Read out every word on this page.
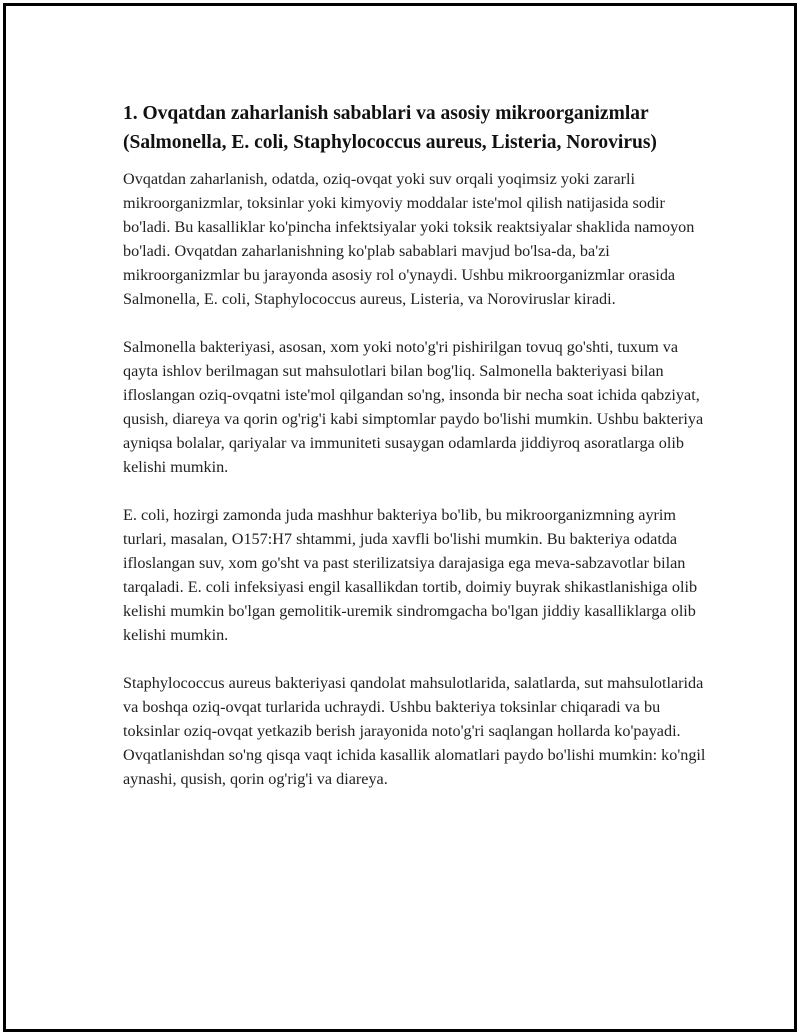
1. Ovqatdan zaharlanish sabablari va asosiy mikroorganizmlar (Salmonella, E. coli, Staphylococcus aureus, Listeria, Norovirus)

Ovqatdan zaharlanish, odatda, oziq-ovqat yoki suv orqali yoqimsiz yoki zararli mikroorganizmlar, toksinlar yoki kimyoviy moddalar iste'mol qilish natijasida sodir bo'ladi. Bu kasalliklar ko'pincha infektsiyalar yoki toksik reaktsiyalar shaklida namoyon bo'ladi. Ovqatdan zaharlanishning ko'plab sabablari mavjud bo'lsa-da, ba'zi mikroorganizmlar bu jarayonda asosiy rol o'ynaydi. Ushbu mikroorganizmlar orasida Salmonella, E. coli, Staphylococcus aureus, Listeria, va Noroviruslar kiradi.

Salmonella bakteriyasi, asosan, xom yoki noto'g'ri pishirilgan tovuq go'shti, tuxum va qayta ishlov berilmagan sut mahsulotlari bilan bog'liq. Salmonella bakteriyasi bilan ifloslangan oziq-ovqatni iste'mol qilgandan so'ng, insonda bir necha soat ichida qabziyat, qusish, diareya va qorin og'rig'i kabi simptomlar paydo bo'lishi mumkin. Ushbu bakteriya ayniqsa bolalar, qariyalar va immuniteti susaygan odamlarda jiddiyroq asoratlarga olib kelishi mumkin.

E. coli, hozirgi zamonda juda mashhur bakteriya bo'lib, bu mikroorganizmning ayrim turlari, masalan, O157:H7 shtammi, juda xavfli bo'lishi mumkin. Bu bakteriya odatda ifloslangan suv, xom go'sht va past sterilizatsiya darajasiga ega meva-sabzavotlar bilan tarqaladi. E. coli infeksiyasi engil kasallikdan tortib, doimiy buyrak shikastlanishiga olib kelishi mumkin bo'lgan gemolitik-uremik sindromgacha bo'lgan jiddiy kasalliklarga olib kelishi mumkin.

Staphylococcus aureus bakteriyasi qandolat mahsulotlarida, salatlarda, sut mahsulotlarida va boshqa oziq-ovqat turlarida uchraydi. Ushbu bakteriya toksinlar chiqaradi va bu toksinlar oziq-ovqat yetkazib berish jarayonida noto'g'ri saqlangan hollarda ko'payadi. Ovqatlanishdan so'ng qisqa vaqt ichida kasallik alomatlari paydo bo'lishi mumkin: ko'ngil aynashi, qusish, qorin og'rig'i va diareya.
